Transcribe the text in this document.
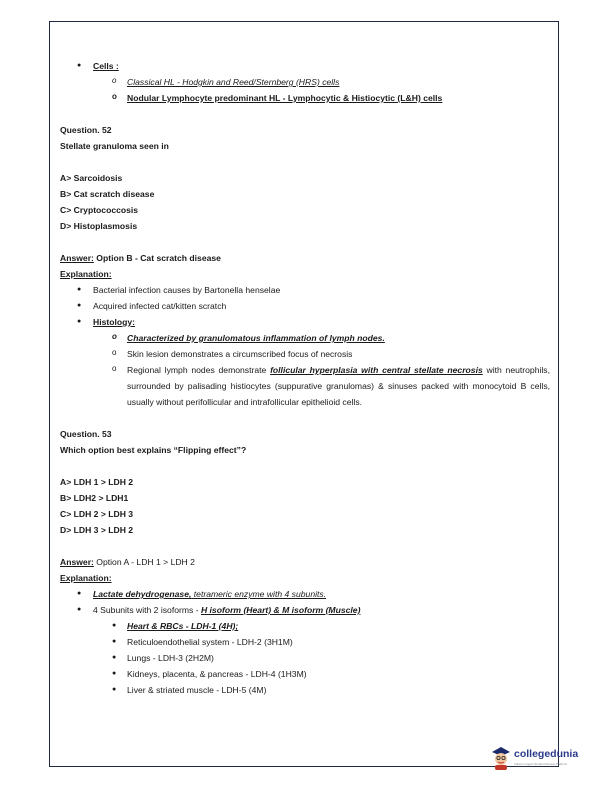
● Cells :
o Classical HL - Hodgkin and Reed/Sternberg (HRS) cells
o Nodular Lymphocyte predominant HL - Lymphocytic & Histiocytic (L&H) cells
Question. 52
Stellate granuloma seen in
A> Sarcoidosis
B> Cat scratch disease
C> Cryptococcosis
D> Histoplasmosis
Answer: Option B - Cat scratch disease
Explanation:
● Bacterial infection causes by Bartonella henselae
● Acquired infected cat/kitten scratch
● Histology:
o Characterized by granulomatous inflammation of lymph nodes.
o Skin lesion demonstrates a circumscribed focus of necrosis
o Regional lymph nodes demonstrate follicular hyperplasia with central stellate necrosis with neutrophils, surrounded by palisading histiocytes (suppurative granulomas) & sinuses packed with monocytoid B cells, usually without perifollicular and intrafollicular epithelioid cells.
Question. 53
Which option best explains “Flipping effect”?
A> LDH 1 > LDH 2
B> LDH2 > LDH1
C> LDH 2 > LDH 3
D> LDH 3 > LDH 2
Answer: Option A - LDH 1 > LDH 2
Explanation:
● Lactate dehydrogenase, tetrameric enzyme with 4 subunits.
● 4 Subunits with 2 isoforms - H isoform (Heart) & M isoform (Muscle)
● Heart & RBCs - LDH-1 (4H);
● Reticuloendothelial system - LDH-2 (3H1M)
● Lungs - LDH-3 (2H2M)
● Kidneys, placenta, & pancreas - LDH-4 (1H3M)
● Liver & striated muscle - LDH-5 (4M)
collegedunia
India's Largest Student Review Platform
